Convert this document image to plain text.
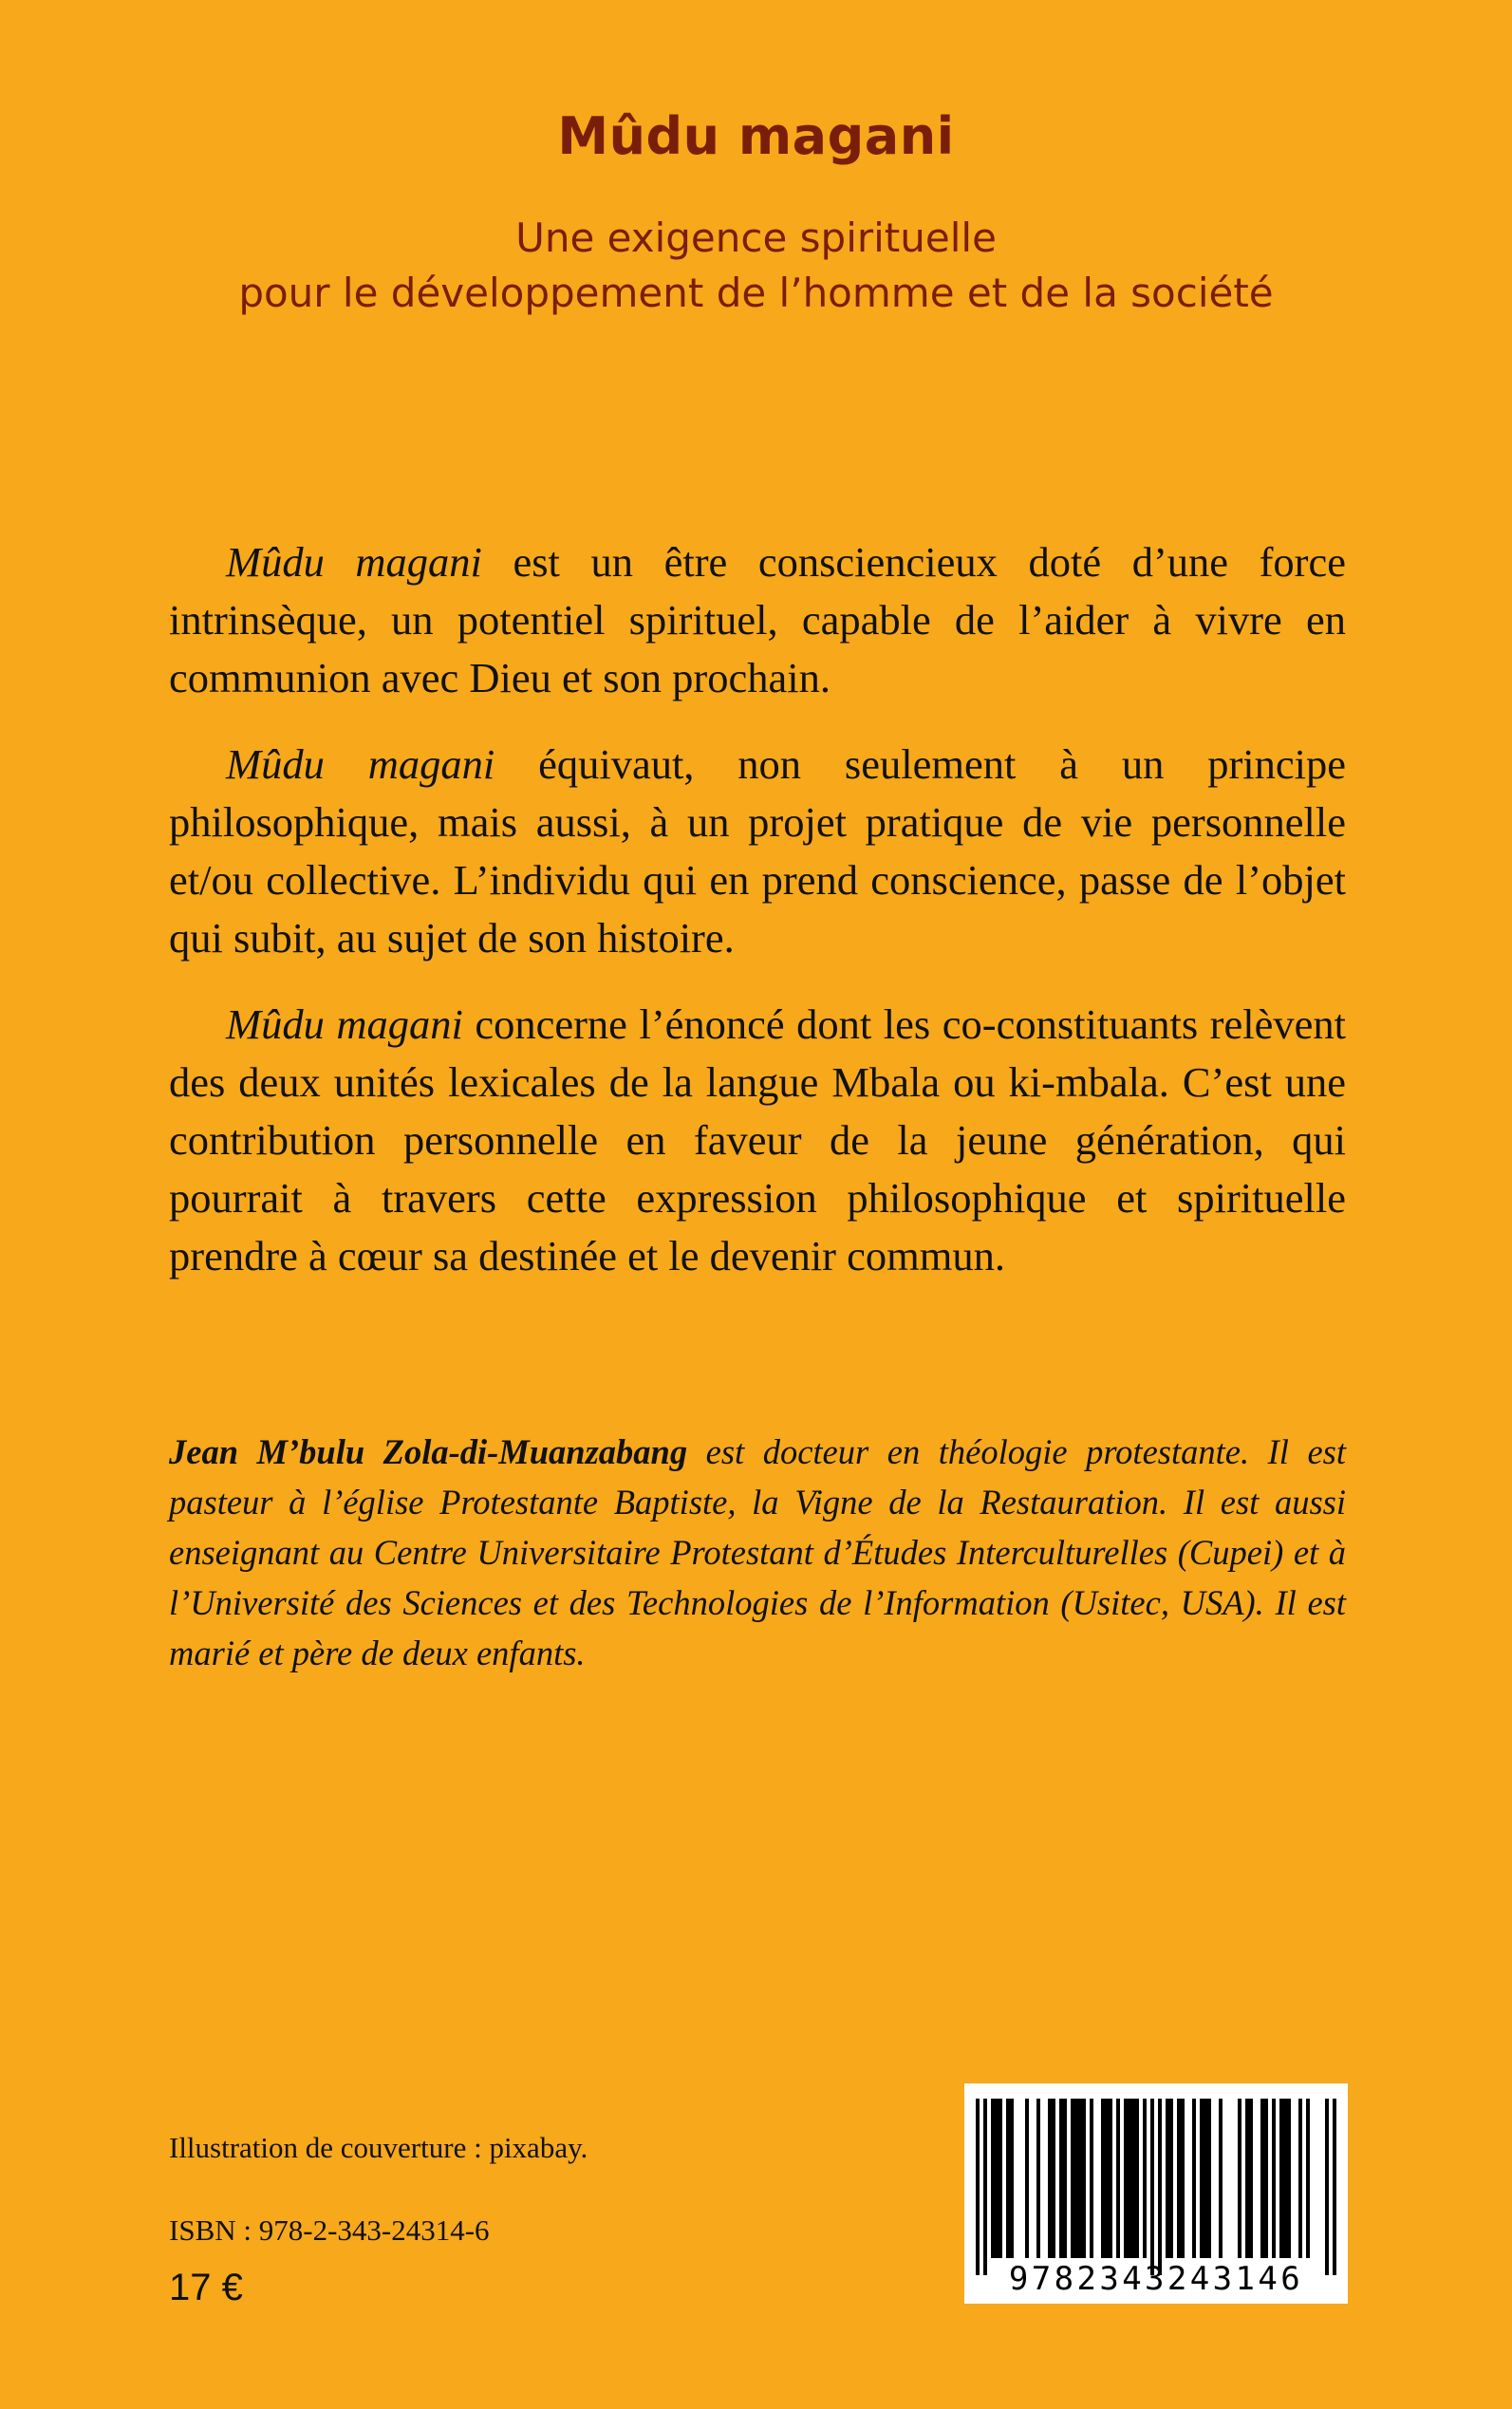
Mûdu magani
Une exigence spirituelle
pour le développement de l’homme et de la société

Mûdu magani est un être consciencieux doté d’une force intrinsèque, un potentiel spirituel, capable de l’aider à vivre en communion avec Dieu et son prochain.

Mûdu magani équivaut, non seulement à un principe philosophique, mais aussi, à un projet pratique de vie personnelle et/ou collective. L’individu qui en prend conscience, passe de l’objet qui subit, au sujet de son histoire.

Mûdu magani concerne l’énoncé dont les co-constituants relèvent des deux unités lexicales de la langue Mbala ou ki-mbala. C’est une contribution personnelle en faveur de la jeune génération, qui pourrait à travers cette expression philosophique et spirituelle prendre à cœur sa destinée et le devenir commun.

Jean M’bulu Zola-di-Muanzabang est docteur en théologie protestante. Il est pasteur à l’église Protestante Baptiste, la Vigne de la Restauration. Il est aussi enseignant au Centre Universitaire Protestant d’Études Interculturelles (Cupei) et à l’Université des Sciences et des Technologies de l’Information (Usitec, USA). Il est marié et père de deux enfants.
Illustration de couverture : pixabay.
ISBN : 978-2-343-24314-6
17 €	9782343243146
